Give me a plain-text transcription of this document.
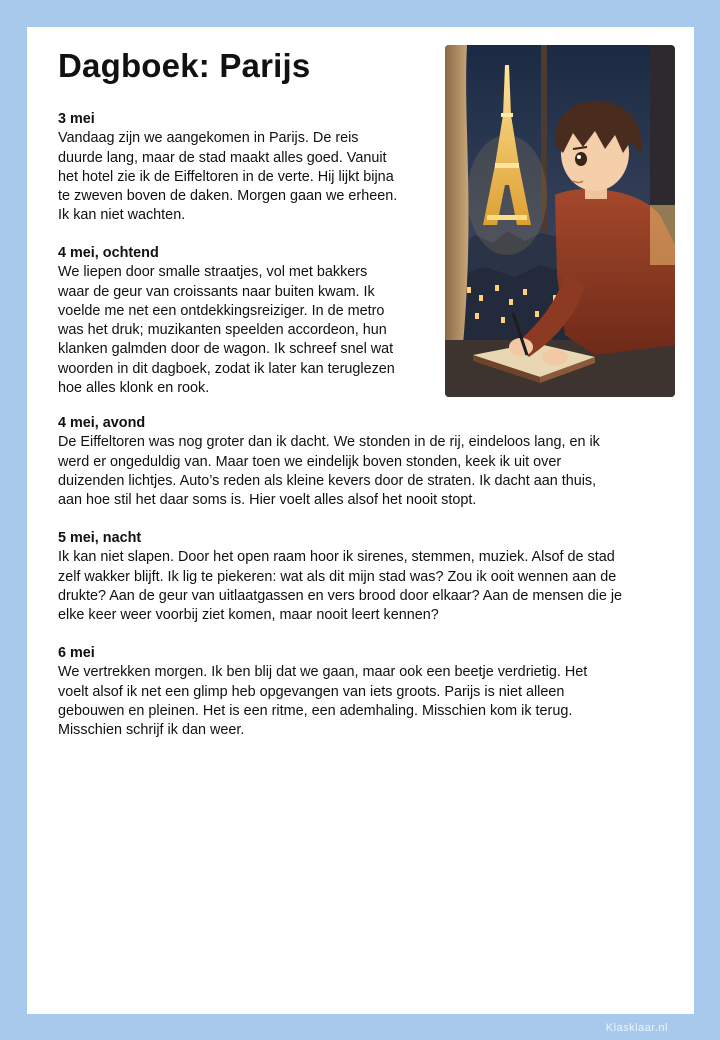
Dagboek: Parijs
3 mei
Vandaag zijn we aangekomen in Parijs. De reis
duurde lang, maar de stad maakt alles goed. Vanuit
het hotel zie ik de Eiffeltoren in de verte. Hij lijkt bijna
te zweven boven de daken. Morgen gaan we erheen.
Ik kan niet wachten.
4 mei, ochtend
We liepen door smalle straatjes, vol met bakkers
waar de geur van croissants naar buiten kwam. Ik
voelde me net een ontdekkingsreiziger. In de metro
was het druk; muzikanten speelden accordeon, hun
klanken galmden door de wagon. Ik schreef snel wat
woorden in dit dagboek, zodat ik later kan teruglezen
hoe alles klonk en rook.
4 mei, avond
De Eiffeltoren was nog groter dan ik dacht. We stonden in de rij, eindeloos lang, en ik
werd er ongeduldig van. Maar toen we eindelijk boven stonden, keek ik uit over
duizenden lichtjes. Auto’s reden als kleine kevers door de straten. Ik dacht aan thuis,
aan hoe stil het daar soms is. Hier voelt alles alsof het nooit stopt.
5 mei, nacht
Ik kan niet slapen. Door het open raam hoor ik sirenes, stemmen, muziek. Alsof de stad
zelf wakker blijft. Ik lig te piekeren: wat als dit mijn stad was? Zou ik ooit wennen aan de
drukte? Aan de geur van uitlaatgassen en vers brood door elkaar? Aan de mensen die je
elke keer weer voorbij ziet komen, maar nooit leert kennen?
6 mei
We vertrekken morgen. Ik ben blij dat we gaan, maar ook een beetje verdrietig. Het
voelt alsof ik net een glimp heb opgevangen van iets groots. Parijs is niet alleen
gebouwen en pleinen. Het is een ritme, een ademhaling. Misschien kom ik terug.
Misschien schrijf ik dan weer.
Klasklaar.nl
